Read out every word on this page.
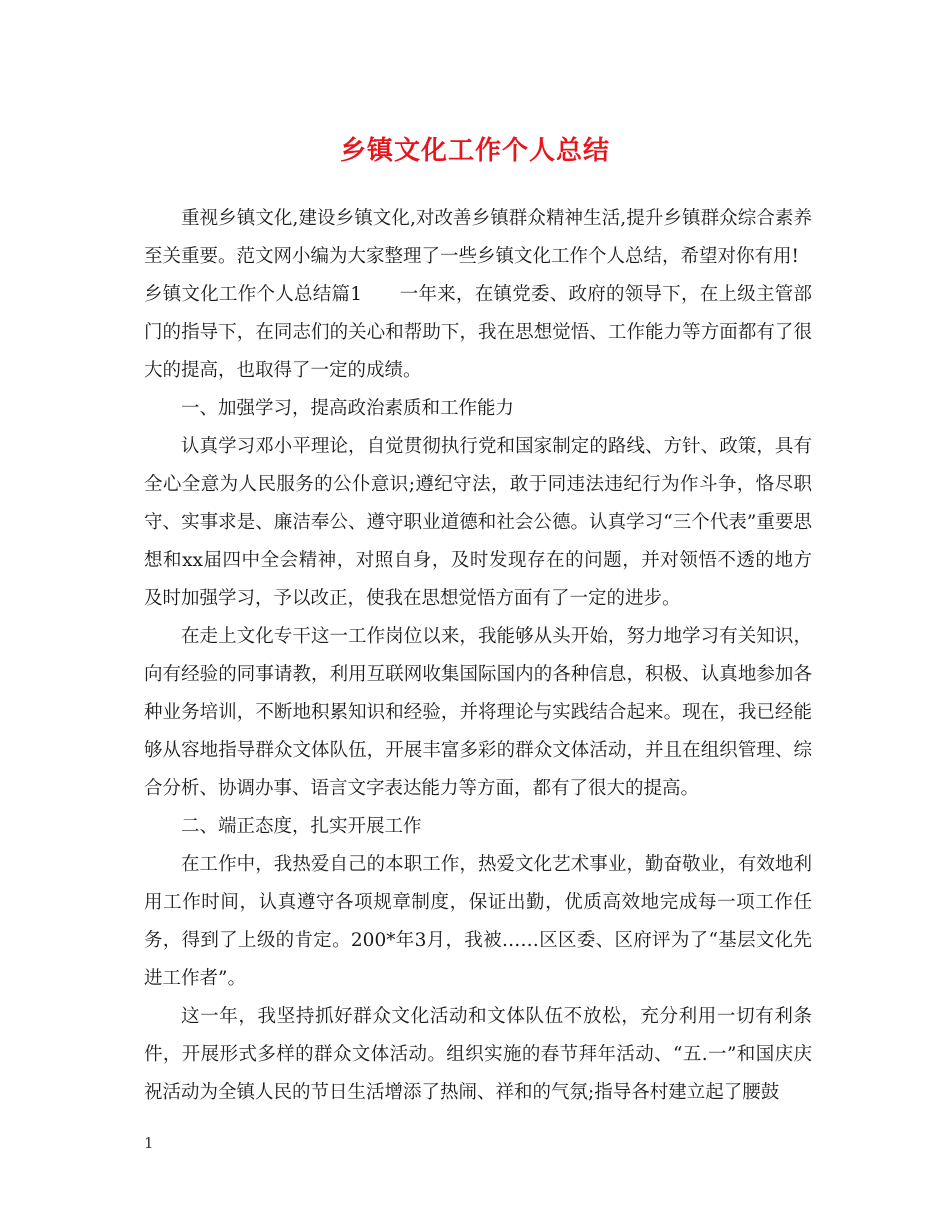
乡镇文化工作个人总结

重视乡镇文化,建设乡镇文化,对改善乡镇群众精神生活,提升乡镇群众综合素养至关重要。范文网小编为大家整理了一些乡镇文化工作个人总结，希望对你有用!

乡镇文化工作个人总结篇1　　一年来，在镇党委、政府的领导下，在上级主管部门的指导下，在同志们的关心和帮助下，我在思想觉悟、工作能力等方面都有了很大的提高，也取得了一定的成绩。

一、加强学习，提高政治素质和工作能力

认真学习邓小平理论，自觉贯彻执行党和国家制定的路线、方针、政策，具有全心全意为人民服务的公仆意识;遵纪守法，敢于同违法违纪行为作斗争，恪尽职守、实事求是、廉洁奉公、遵守职业道德和社会公德。认真学习“三个代表”重要思想和xx届四中全会精神，对照自身，及时发现存在的问题，并对领悟不透的地方及时加强学习，予以改正，使我在思想觉悟方面有了一定的进步。

在走上文化专干这一工作岗位以来，我能够从头开始，努力地学习有关知识，向有经验的同事请教，利用互联网收集国际国内的各种信息，积极、认真地参加各种业务培训，不断地积累知识和经验，并将理论与实践结合起来。现在，我已经能够从容地指导群众文体队伍，开展丰富多彩的群众文体活动，并且在组织管理、综合分析、协调办事、语言文字表达能力等方面，都有了很大的提高。

二、端正态度，扎实开展工作

在工作中，我热爱自己的本职工作，热爱文化艺术事业，勤奋敬业，有效地利用工作时间，认真遵守各项规章制度，保证出勤，优质高效地完成每一项工作任务，得到了上级的肯定。200*年3月，我被……区区委、区府评为了“基层文化先进工作者”。

这一年，我坚持抓好群众文化活动和文体队伍不放松，充分利用一切有利条件，开展形式多样的群众文体活动。组织实施的春节拜年活动、“五.一”和国庆庆祝活动为全镇人民的节日生活增添了热闹、祥和的气氛;指导各村建立起了腰鼓

1
